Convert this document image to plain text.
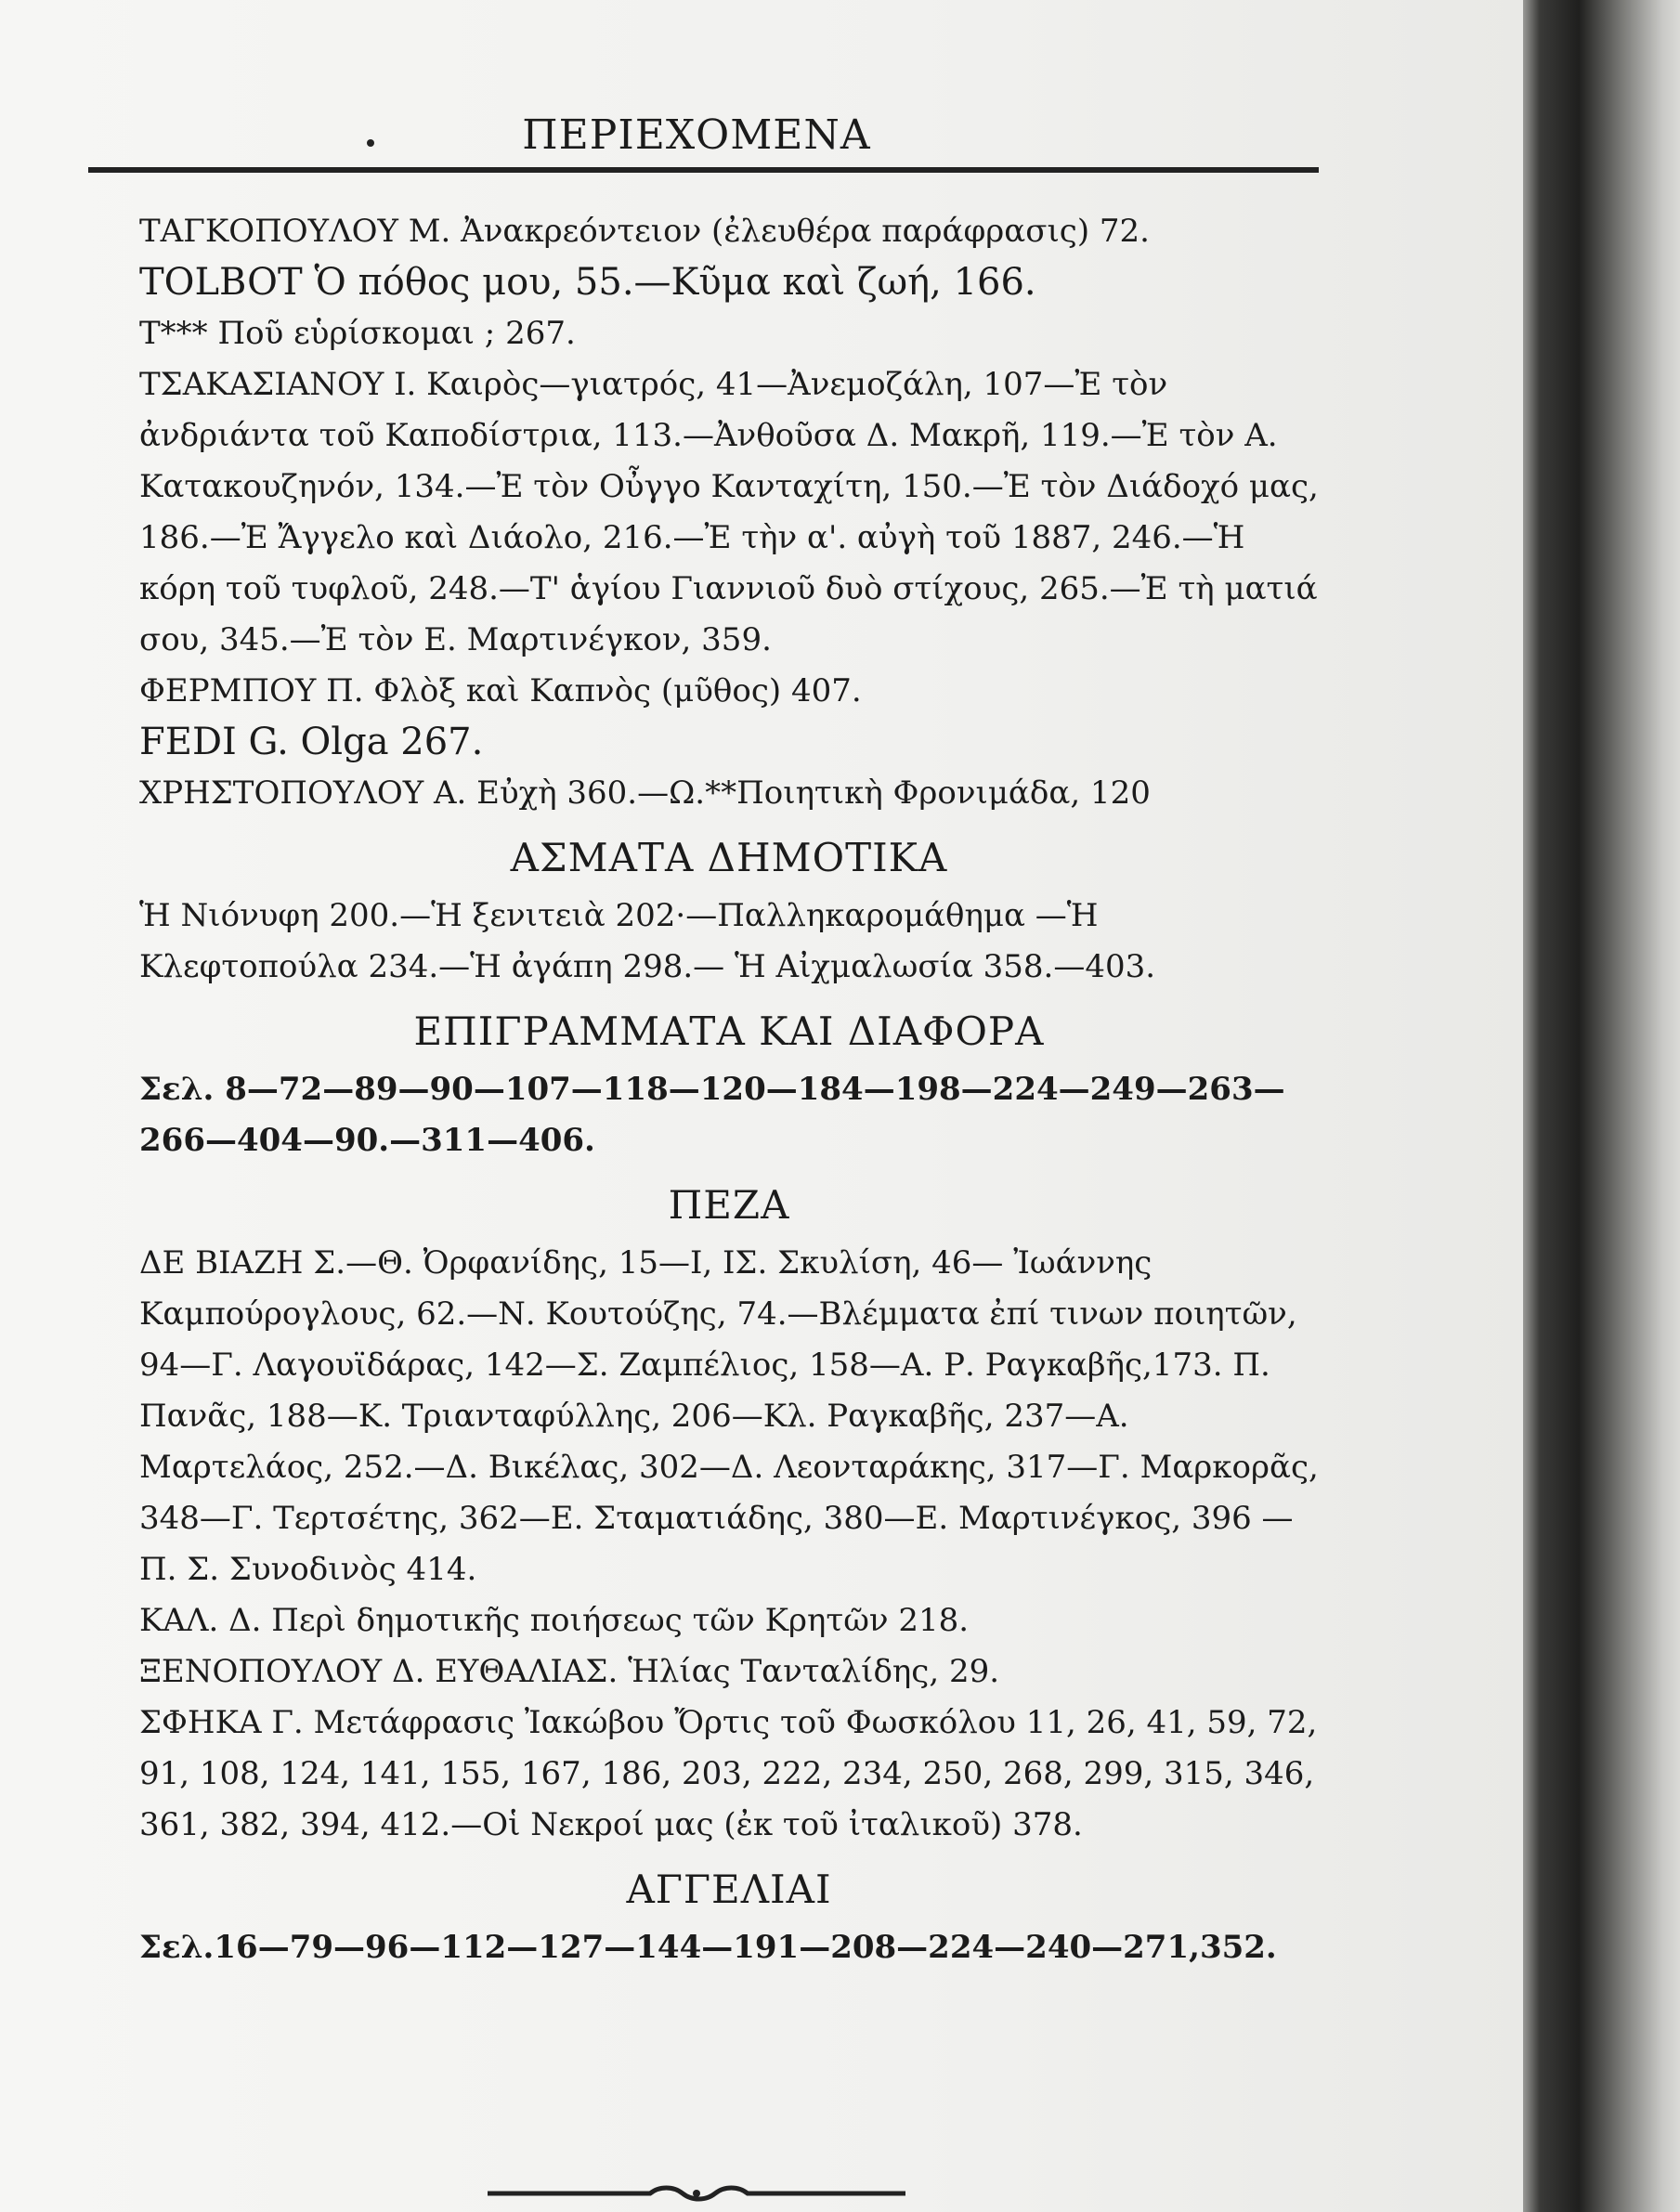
ΠΕΡΙΕΧΟΜΕΝΑ

ΤΑΓΚΟΠΟΥΛΟΥ Μ. Ἀνακρεόντειον (ἐλευθέρα παράφρασις) 72.

TOLBOT Ὁ πόθος μου, 55.—Κῦμα καὶ ζωή, 166.

T*** Ποῦ εὑρίσκομαι ; 267.

ΤΣΑΚΑΣΙΑΝΟΥ Ι. Καιρὸς—γιατρός, 41—Ἀνεμοζάλη, 107—Ἐ τὸν ἀνδριάντα τοῦ Καποδίστρια, 113.—Ἀνθοῦσα Δ. Μακρῆ, 119.—Ἐ τὸν Α. Κατακουζηνόν, 134.—Ἐ τὸν Οὖγγο Κανταχίτη, 150.—Ἐ τὸν Διάδοχό μας, 186.—Ἐ Ἄγγελο καὶ Διάολο, 216.—Ἐ τὴν α'. αὐγὴ τοῦ 1887, 246.—Ἡ κόρη τοῦ τυφλοῦ, 248.—Τ' ἁγίου Γιαννιοῦ δυὸ στίχους, 265.—Ἐ τὴ ματιά σου, 345.—Ἐ τὸν Ε. Μαρτινέγκον, 359.

ΦΕΡΜΠΟΥ Π. Φλὸξ καὶ Καπνὸς (μῦθος) 407.

FEDI G. Olga 267.

ΧΡΗΣΤΟΠΟΥΛΟΥ Α. Εὐχὴ 360.—Ω.**Ποιητικὴ Φρονιμάδα, 120

ΑΣΜΑΤΑ ΔΗΜΟΤΙΚΑ

Ἡ Νιόνυφη 200.—Ἡ ξενιτειὰ 202·—Παλληκαρομάθημα —Ἡ Κλεφτοπούλα 234.—Ἡ ἀγάπη 298.— Ἡ Αἰχμαλωσία 358.—403.

ΕΠΙΓΡΑΜΜΑΤΑ ΚΑΙ ΔΙΑΦΟΡΑ

Σελ. 8—72—89—90—107—118—120—184—198—224—249—263—266—404—90.—311—406.

ΠΕΖΑ

ΔΕ ΒΙΑΖΗ Σ.—Θ. Ὀρφανίδης, 15—Ι, ΙΣ. Σκυλίση, 46— Ἰωάννης Καμπούρογλους, 62.—Ν. Κουτούζης, 74.—Βλέμματα ἐπί τινων ποιητῶν, 94—Γ. Λαγουϊδάρας, 142—Σ. Ζαμπέλιος, 158—Α. Ρ. Ραγκαβῆς,173. Π. Πανᾶς, 188—Κ. Τριανταφύλλης, 206—Κλ. Ραγκαβῆς, 237—Α. Μαρτελάος, 252.—Δ. Βικέλας, 302—Δ. Λεονταράκης, 317—Γ. Μαρκορᾶς, 348—Γ. Τερτσέτης, 362—Ε. Σταματιάδης, 380—Ε. Μαρτινέγκος, 396 —Π. Σ. Συνοδινὸς 414.

ΚΑΛ. Δ. Περὶ δημοτικῆς ποιήσεως τῶν Κρητῶν 218.

ΞΕΝΟΠΟΥΛΟΥ Δ. ΕΥΘΑΛΙΑΣ. Ἡλίας Τανταλίδης, 29.

ΣΦΗΚΑ Γ. Μετάφρασις Ἰακώβου Ὄρτις τοῦ Φωσκόλου 11, 26, 41, 59, 72, 91, 108, 124, 141, 155, 167, 186, 203, 222, 234, 250, 268, 299, 315, 346, 361, 382, 394, 412.—Οἱ Νεκροί μας (ἐκ τοῦ ἰταλικοῦ) 378.

ΑΓΓΕΛΙΑΙ

Σελ.16—79—96—112—127—144—191—208—224—240—271,352.
